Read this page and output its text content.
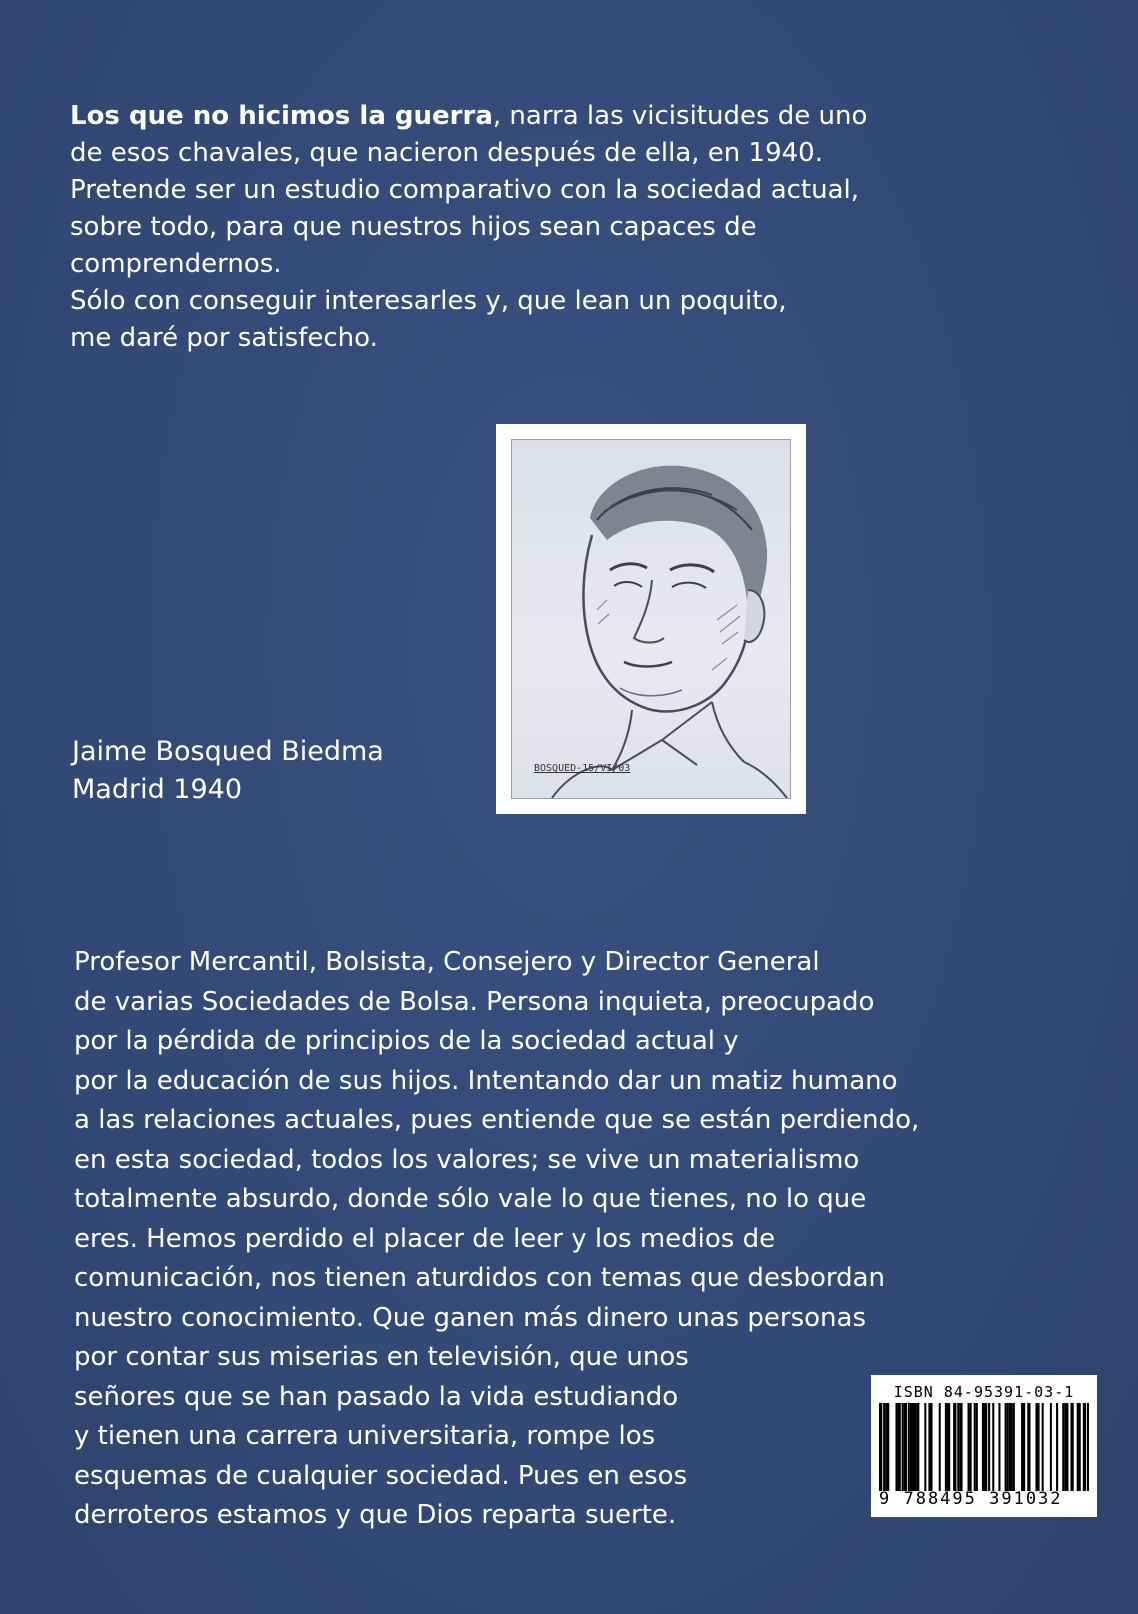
Los que no hicimos la guerra, narra las vicisitudes de uno

de esos chavales, que nacieron después de ella, en 1940.

Pretende ser un estudio comparativo con la sociedad actual,

sobre todo, para que nuestros hijos sean capaces de

comprendernos.

Sólo con conseguir interesarles y, que lean un poquito,

me daré por satisfecho.

BOSQUED-15/VI/03
Jaime Bosqued Biedma
Madrid 1940
Profesor Mercantil, Bolsista, Consejero y Director General
de varias Sociedades de Bolsa. Persona inquieta, preocupado
por la pérdida de principios de la sociedad actual y
por la educación de sus hijos. Intentando dar un matiz humano
a las relaciones actuales, pues entiende que se están perdiendo,
en esta sociedad, todos los valores; se vive un materialismo
totalmente absurdo, donde sólo vale lo que tienes, no lo que
eres. Hemos perdido el placer de leer y los medios de
comunicación, nos tienen aturdidos con temas que desbordan
nuestro conocimiento. Que ganen más dinero unas personas
por contar sus miserias en televisión, que unos
señores que se han pasado la vida estudiando
y tienen una carrera universitaria, rompe los
esquemas de cualquier sociedad. Pues en esos
derroteros estamos y que Dios reparta suerte.
ISBN 84-95391-03-1
9 788495 391032
